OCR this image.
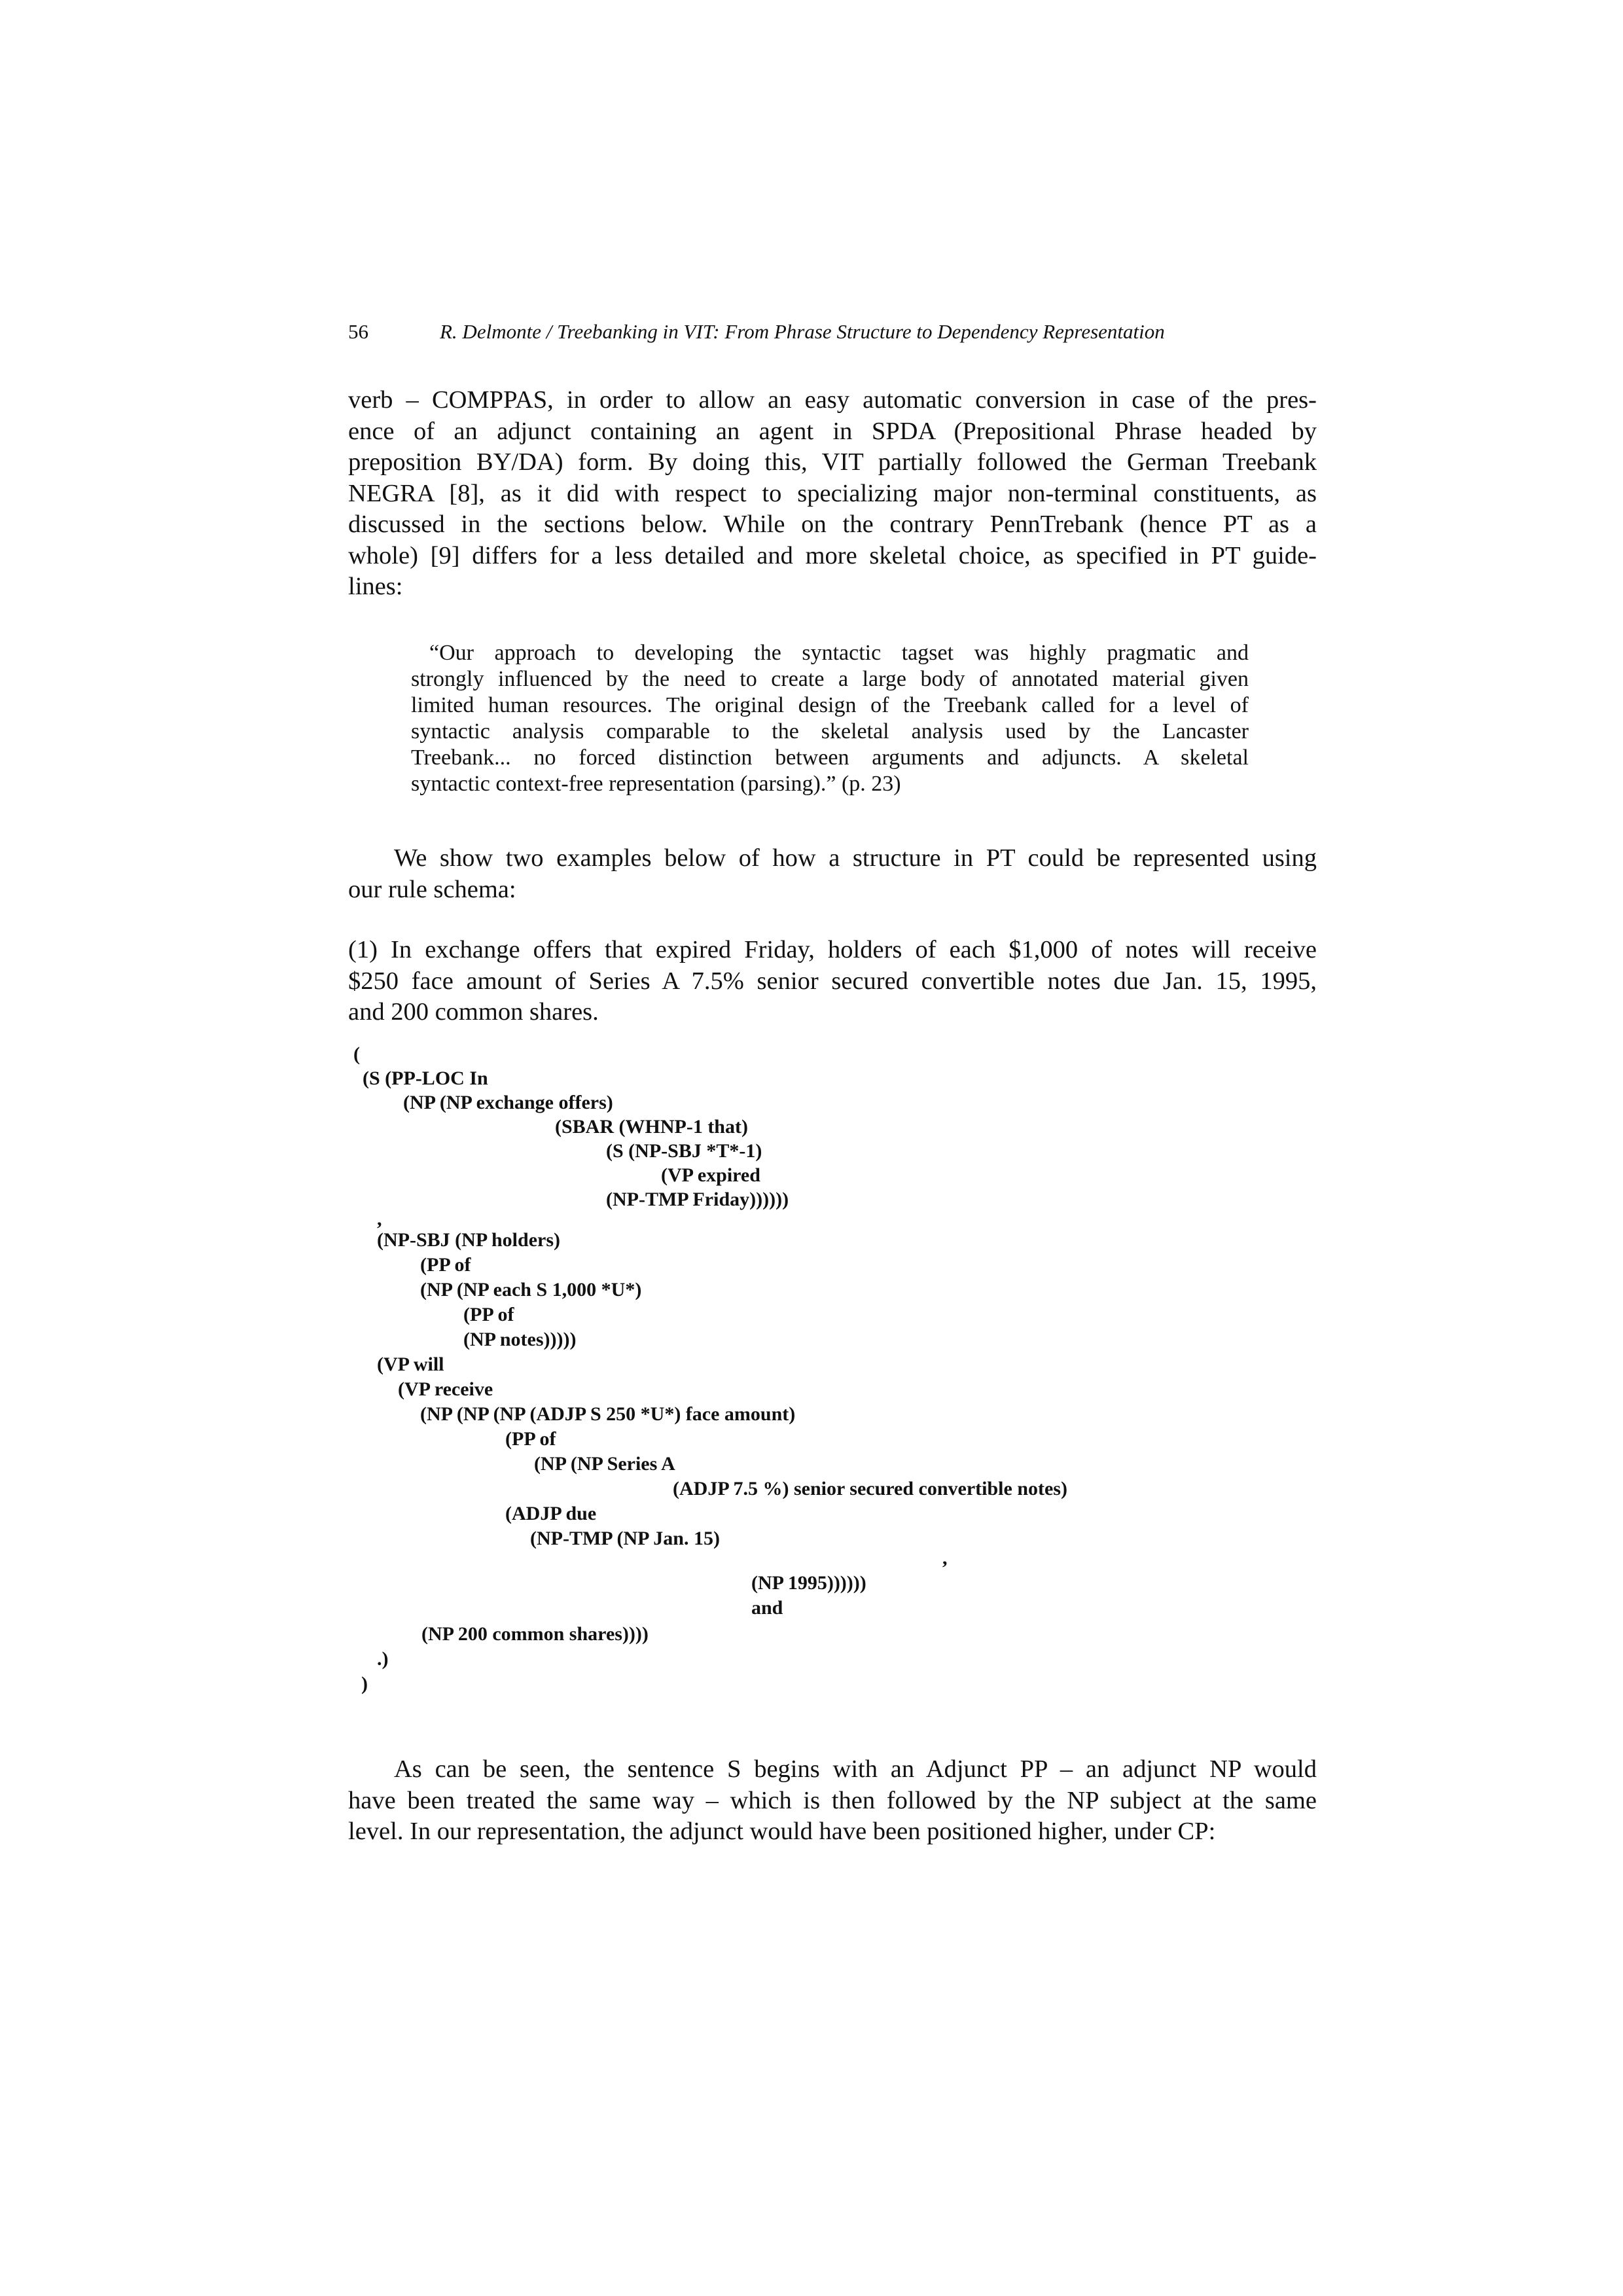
56	R. Delmonte / Treebanking in VIT: From Phrase Structure to Dependency Representation
verb – COMPPAS, in order to allow an easy automatic conversion in case of the pres-
ence of an adjunct containing an agent in SPDA (Prepositional Phrase headed by
preposition BY/DA) form. By doing this, VIT partially followed the German Treebank
NEGRA [8], as it did with respect to specializing major non-terminal constituents, as
discussed in the sections below. While on the contrary PennTrebank (hence PT as a
whole) [9] differs for a less detailed and more skeletal choice, as specified in PT guide-
lines:
“Our approach to developing the syntactic tagset was highly pragmatic and
strongly influenced by the need to create a large body of annotated material given
limited human resources. The original design of the Treebank called for a level of
syntactic analysis comparable to the skeletal analysis used by the Lancaster
Treebank... no forced distinction between arguments and adjuncts. A skeletal
syntactic context-free representation (parsing).” (p. 23)
We show two examples below of how a structure in PT could be represented using
our rule schema:
(1) In exchange offers that expired Friday, holders of each $1,000 of notes will receive
$250 face amount of Series A 7.5% senior secured convertible notes due Jan. 15, 1995,
and 200 common shares.
(
(S (PP-LOC In
(NP (NP exchange offers)
(SBAR (WHNP-1 that)
(S (NP-SBJ *T*-1)
(VP expired
(NP-TMP Friday))))))
,
(NP-SBJ (NP holders)
(PP of
(NP (NP each S 1,000 *U*)
(PP of
(NP notes)))))
(VP will
(VP receive
(NP (NP (NP (ADJP S 250 *U*) face amount)
(PP of
(NP (NP Series A
(ADJP 7.5 %) senior secured convertible notes)
(ADJP due
(NP-TMP (NP Jan. 15)
,
(NP 1995))))))
and
(NP 200 common shares))))
.)
)
As can be seen, the sentence S begins with an Adjunct PP – an adjunct NP would
have been treated the same way – which is then followed by the NP subject at the same
level. In our representation, the adjunct would have been positioned higher, under CP:
